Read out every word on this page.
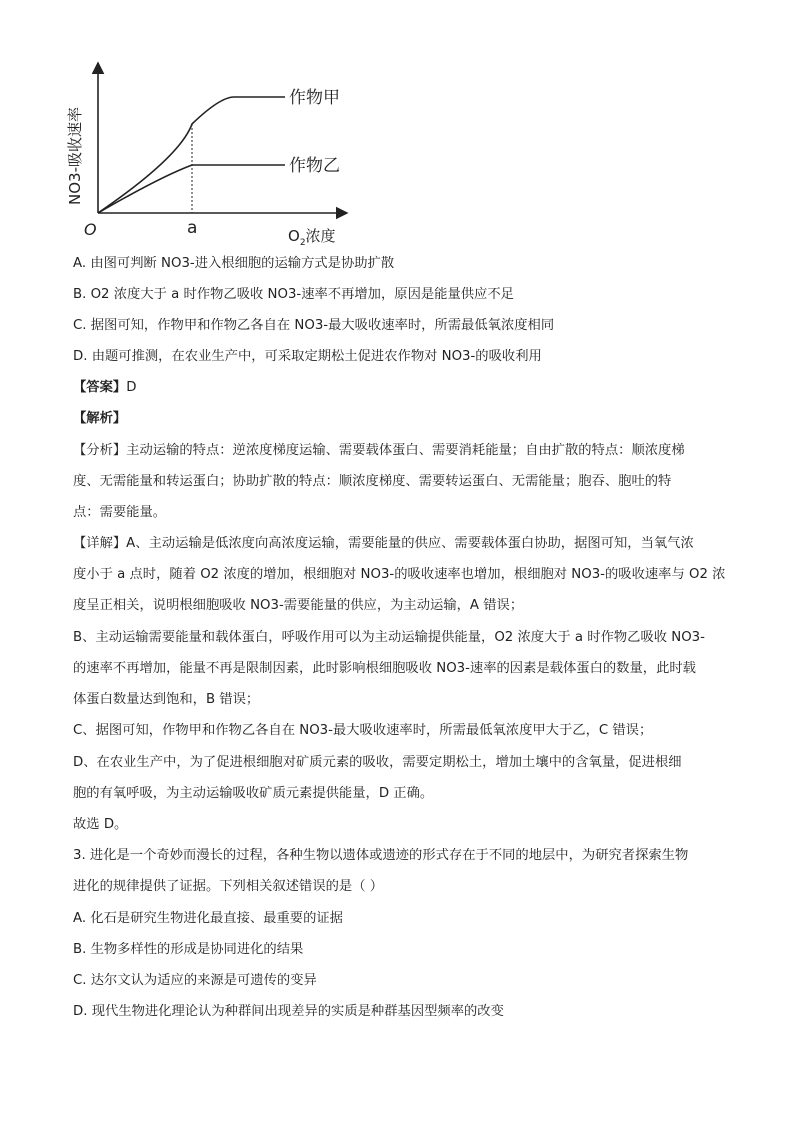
作物甲
作物乙
O	a	$O_2$浓度
NO3-吸收速率
A. 由图可判断 NO3-进入根细胞的运输方式是协助扩散
B. O2 浓度大于 a 时作物乙吸收 NO3-速率不再增加，原因是能量供应不足
C. 据图可知，作物甲和作物乙各自在 NO3-最大吸收速率时，所需最低氧浓度相同
D. 由题可推测，在农业生产中，可采取定期松土促进农作物对 NO3-的吸收利用
【答案】D
【解析】
【分析】主动运输的特点：逆浓度梯度运输、需要载体蛋白、需要消耗能量；自由扩散的特点：顺浓度梯
度、无需能量和转运蛋白；协助扩散的特点：顺浓度梯度、需要转运蛋白、无需能量；胞吞、胞吐的特
点：需要能量。
【详解】A、主动运输是低浓度向高浓度运输，需要能量的供应、需要载体蛋白协助，据图可知，当氧气浓
度小于 a 点时，随着 O2 浓度的增加，根细胞对 NO3-的吸收速率也增加，根细胞对 NO3-的吸收速率与 O2 浓
度呈正相关，说明根细胞吸收 NO3-需要能量的供应，为主动运输，A 错误；
B、主动运输需要能量和载体蛋白，呼吸作用可以为主动运输提供能量，O2 浓度大于 a 时作物乙吸收 NO3-
的速率不再增加，能量不再是限制因素，此时影响根细胞吸收 NO3-速率的因素是载体蛋白的数量，此时载
体蛋白数量达到饱和，B 错误；
C、据图可知，作物甲和作物乙各自在 NO3-最大吸收速率时，所需最低氧浓度甲大于乙，C 错误；
D、在农业生产中，为了促进根细胞对矿质元素的吸收，需要定期松土，增加土壤中的含氧量，促进根细
胞的有氧呼吸，为主动运输吸收矿质元素提供能量，D 正确。
故选 D。
3. 进化是一个奇妙而漫长的过程，各种生物以遗体或遗迹的形式存在于不同的地层中，为研究者探索生物
进化的规律提供了证据。下列相关叙述错误的是（ ）
A. 化石是研究生物进化最直接、最重要的证据
B. 生物多样性的形成是协同进化的结果
C. 达尔文认为适应的来源是可遗传的变异
D. 现代生物进化理论认为种群间出现差异的实质是种群基因型频率的改变
